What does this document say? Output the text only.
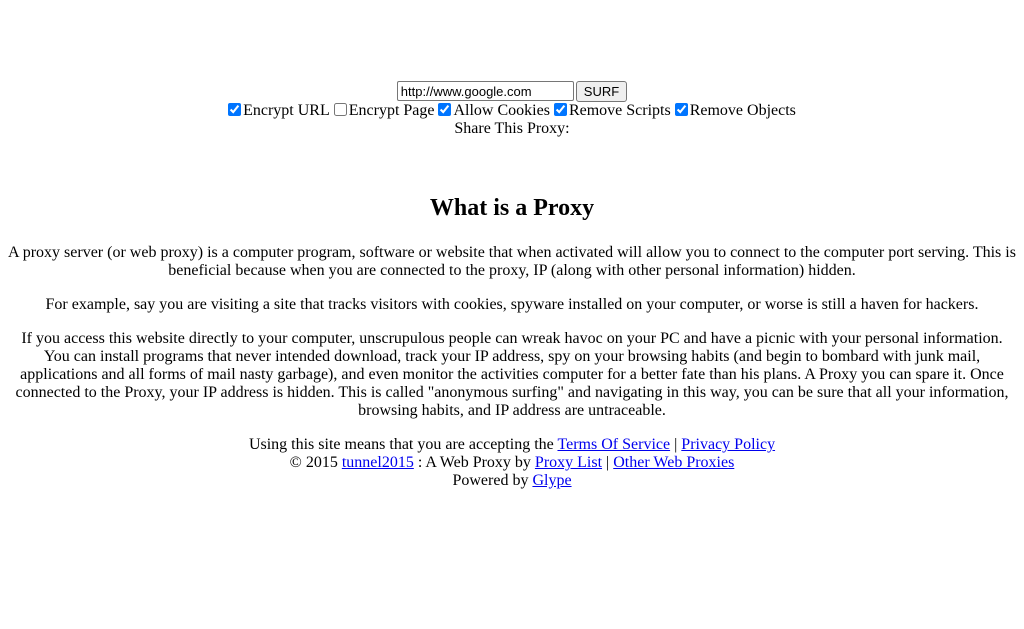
http://www.google.comSURF
Encrypt URL Encrypt Page Allow Cookies Remove Scripts Remove Objects
Share This Proxy:
What is a Proxy

A proxy server (or web proxy) is a computer program, software or website that when activated will allow you to connect to the computer port serving. This is beneficial because when you are connected to the proxy, IP (along with other personal information) hidden.

For example, say you are visiting a site that tracks visitors with cookies, spyware installed on your computer, or worse is still a haven for hackers.

If you access this website directly to your computer, unscrupulous people can wreak havoc on your PC and have a picnic with your personal information. You can install programs that never intended download, track your IP address, spy on your browsing habits (and begin to bombard with junk mail, applications and all forms of mail nasty garbage), and even monitor the activities computer for a better fate than his plans. A Proxy you can spare it. Once connected to the Proxy, your IP address is hidden. This is called "anonymous surfing" and navigating in this way, you can be sure that all your information, browsing habits, and IP address are untraceable.

Using this site means that you are accepting the Terms Of Service | Privacy Policy
© 2015 tunnel2015 : A Web Proxy by Proxy List | Other Web Proxies
Powered by Glype
